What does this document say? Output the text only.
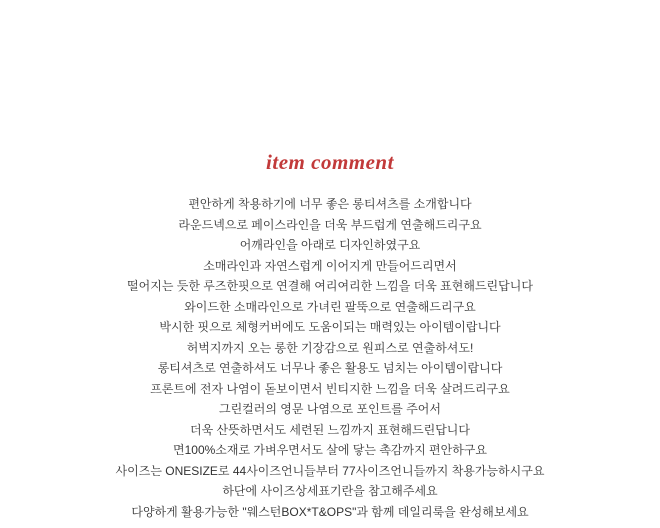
item comment
편안하게 착용하기에 너무 좋은 롱티셔츠를 소개합니다
라운드넥으로 페이스라인을 더욱 부드럽게 연출해드리구요
어깨라인을 아래로 디자인하였구요
소매라인과 자연스럽게 이어지게 만들어드리면서
떨어지는 듯한 루즈한핏으로 연결해 여리여리한 느낌을 더욱 표현해드린답니다
와이드한 소매라인으로 가녀린 팔뚝으로 연출해드리구요
박시한 핏으로 체형커버에도 도움이되는 매력있는 아이템이랍니다
허벅지까지 오는 롱한 기장감으로 원피스로 연출하셔도!
롱티셔츠로 연출하셔도 너무나 좋은 활용도 넘치는 아이템이랍니다
프론트에 전자 나염이 돋보이면서 빈티지한 느낌을 더욱 살려드리구요
그린컬러의 영문 나염으로 포인트를 주어서
더욱 산뜻하면서도 세련된 느낌까지 표현해드린답니다
면100%소재로 가벼우면서도 살에 닿는 촉감까지 편안하구요
사이즈는 ONESIZE로 44사이즈언니들부터 77사이즈언니들까지 착용가능하시구요
하단에 사이즈상세표기란을 참고해주세요
다양하게 활용가능한 "웨스턴BOX*T&OPS"과 함께 데일리룩을 완성해보세요
